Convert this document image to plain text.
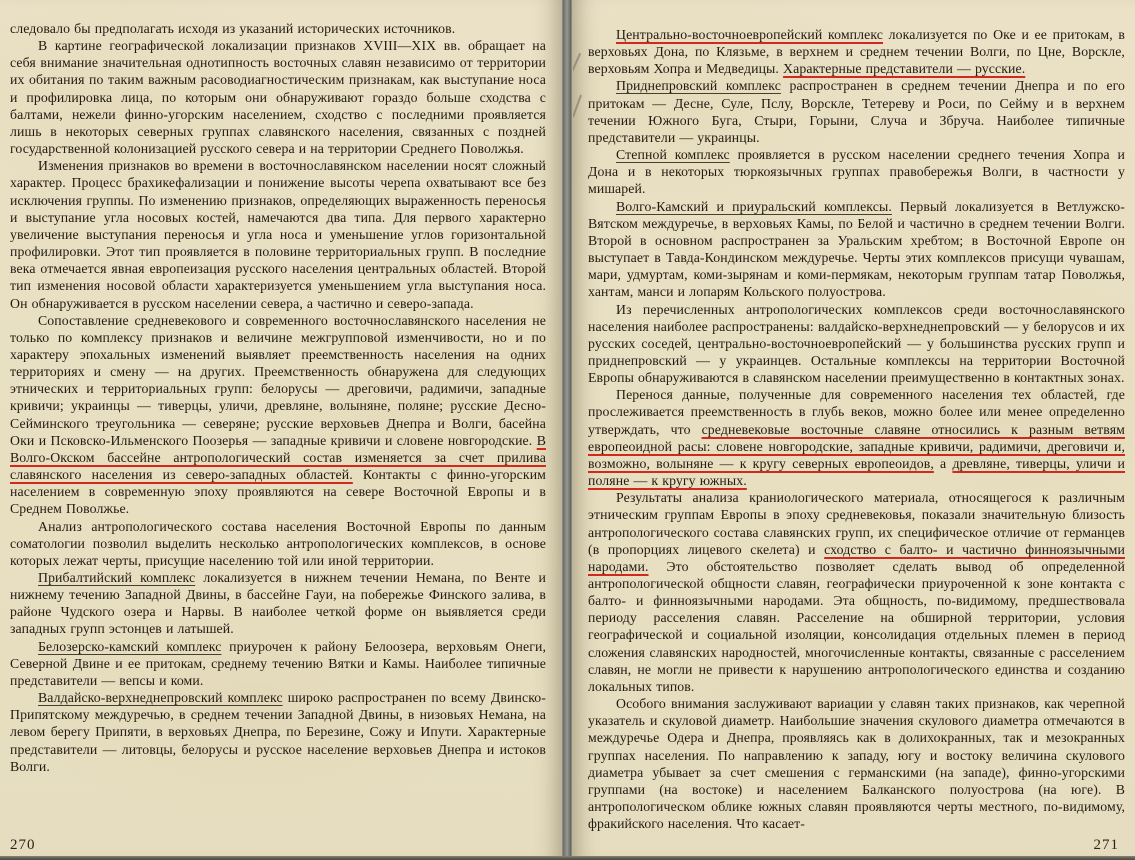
следовало бы предполагать исходя из указаний исторических источников.

В картине географической локализации признаков XVIII—XIX вв. обращает на себя внимание значительная однотипность восточных славян независимо от территории их обитания по таким важным расоводиагностическим признакам, как выступание носа и профилировка лица, по которым они обнаруживают гораздо больше сходства с балтами, нежели финно-угорским населением, сходство с последними проявляется лишь в некоторых северных группах славянского населения, связанных с поздней государственной колонизацией русского севера и на территории Среднего Поволжья.

Изменения признаков во времени в восточнославянском населении носят сложный характер. Процесс брахикефализации и понижение высоты черепа охватывают все без исключения группы. По изменению признаков, определяющих выраженность переносья и выступание угла носовых костей, намечаются два типа. Для первого характерно увеличение выступания переносья и угла носа и уменьшение углов горизонтальной профилировки. Этот тип проявляется в половине территориальных групп. В последние века отмечается явная европеизация русского населения центральных областей. Второй тип изменения носовой области характеризуется уменьшением угла выступания носа. Он обнаруживается в русском населении севера, а частично и северо-запада.

Сопоставление средневекового и современного восточнославянского населения не только по комплексу признаков и величине межгрупповой изменчивости, но и по характеру эпохальных изменений выявляет преемственность населения на одних территориях и смену — на других. Преемственность обнаружена для следующих этнических и территориальных групп: белорусы — дреговичи, радимичи, западные кривичи; украинцы — тиверцы, уличи, древляне, волыняне, поляне; русские Десно-Сейминского треугольника — северяне; русские верховьев Днепра и Волги, басейна Оки и Псковско-Ильменского Поозерья — западные кривичи и словене новгородские. В Волго-Окском бассейне антропологический состав изменяется за счет прилива славянского населения из северо-западных областей. Контакты с финно-угорским населением в современную эпоху проявляются на севере Восточной Европы и в Среднем Поволжье.

Анализ антропологического состава населения Восточной Европы по данным соматологии позволил выделить несколько антропологических комплексов, в основе которых лежат черты, присущие населению той или иной территории.

Прибалтийский комплекс локализуется в нижнем течении Немана, по Венте и нижнему течению Западной Двины, в бассейне Гауи, на побережье Финского залива, в районе Чудского озера и Нарвы. В наиболее четкой форме он выявляется среди западных групп эстонцев и латышей.

Белозерско-камский комплекс приурочен к району Белоозера, верховьям Онеги, Северной Двине и ее притокам, среднему течению Вятки и Камы. Наиболее типичные представители — вепсы и коми.

Валдайско-верхнеднепровский комплекс широко распространен по всему Двинско-Припятскому междуречью, в среднем течении Западной Двины, в низовьях Немана, на левом берегу Припяти, в верховьях Днепра, по Березине, Сожу и Ипути. Характерные представители — литовцы, белорусы и русское население верховьев Днепра и истоков Волги.

270

Центрально-восточноевропейский комплекс локализуется по Оке и ее притокам, в верховьях Дона, по Клязьме, в верхнем и среднем течении Волги, по Цне, Ворскле, верховьям Хопра и Медведицы. Характерные представители — русские.

Приднепровский комплекс распространен в среднем течении Днепра и по его притокам — Десне, Суле, Пслу, Ворскле, Тетереву и Роси, по Сейму и в верхнем течении Южного Буга, Стыри, Горыни, Случа и Збруча. Наиболее типичные представители — украинцы.

Степной комплекс проявляется в русском населении среднего течения Хопра и Дона и в некоторых тюркоязычных группах правобережья Волги, в частности у мишарей.

Волго-Камский и приуральский комплексы. Первый локализуется в Ветлужско-Вятском междуречье, в верховьях Камы, по Белой и частично в среднем течении Волги. Второй в основном распространен за Уральским хребтом; в Восточной Европе он выступает в Тавда-Кондинском междуречье. Черты этих комплексов присущи чувашам, мари, удмуртам, коми-зырянам и коми-пермякам, некоторым группам татар Поволжья, хантам, манси и лопарям Кольского полуострова.

Из перечисленных антропологических комплексов среди восточнославянского населения наиболее распространены: валдайско-верхнеднепровский — у белорусов и их русских соседей, центрально-восточноевропейский — у большинства русских групп и приднепровский — у украинцев. Остальные комплексы на территории Восточной Европы обнаруживаются в славянском населении преимущественно в контактных зонах.

Перенося данные, полученные для современного населения тех областей, где прослеживается преемственность в глубь веков, можно более или менее определенно утверждать, что средневековые восточные славяне относились к разным ветвям европеоидной расы: словене новгородские, западные кривичи, радимичи, дреговичи и, возможно, волыняне — к кругу северных европеоидов, а древляне, тиверцы, уличи и поляне — к кругу южных.

Результаты анализа краниологического материала, относящегося к различным этническим группам Европы в эпоху средневековья, показали значительную близость антропологического состава славянских групп, их специфическое отличие от германцев (в пропорциях лицевого скелета) и сходство с балто- и частично финноязычными народами. Это обстоятельство позволяет сделать вывод об определенной антропологической общности славян, географически приуроченной к зоне контакта с балто- и финноязычными народами. Эта общность, по-видимому, предшествовала периоду расселения славян. Расселение на обширной территории, условия географической и социальной изоляции, консолидация отдельных племен в период сложения славянских народностей, многочисленные контакты, связанные с расселением славян, не могли не привести к нарушению антропологического единства и созданию локальных типов.

Особого внимания заслуживают вариации у славян таких признаков, как черепной указатель и скуловой диаметр. Наибольшие значения скулового диаметра отмечаются в междуречье Одера и Днепра, проявляясь как в долихокранных, так и мезокранных группах населения. По направлению к западу, югу и востоку величина скулового диаметра убывает за счет смешения с германскими (на западе), финно-угорскими группами (на востоке) и населением Балканского полуострова (на юге). В антропологическом облике южных славян проявляются черты местного, по-видимому, фракийского населения. Что касает-

271
